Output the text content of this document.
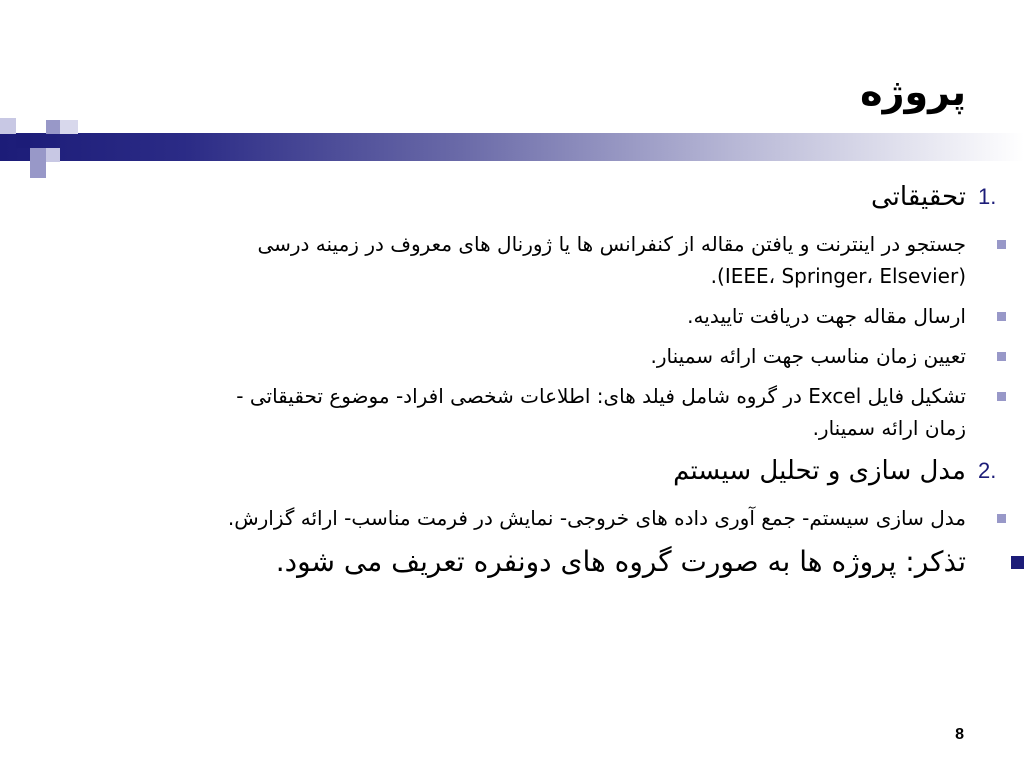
پروژه
1.
تحقیقاتی
جستجو در اینترنت و یافتن مقاله از کنفرانس ها یا ژورنال های معروف در زمینه درسی (IEEE، Springer، Elsevier).
ارسال مقاله جهت دریافت تاییدیه.
تعیین زمان مناسب جهت ارائه سمینار.
تشکیل فایل Excel در گروه شامل فیلد های: اطلاعات شخصی افراد- موضوع تحقیقاتی - زمان ارائه سمینار.
2.
مدل سازی و تحلیل سیستم
مدل سازی سیستم- جمع آوری داده های خروجی- نمایش در فرمت مناسب- ارائه گزارش.
تذکر: پروژه ها به صورت گروه های دونفره تعریف می شود.
8
